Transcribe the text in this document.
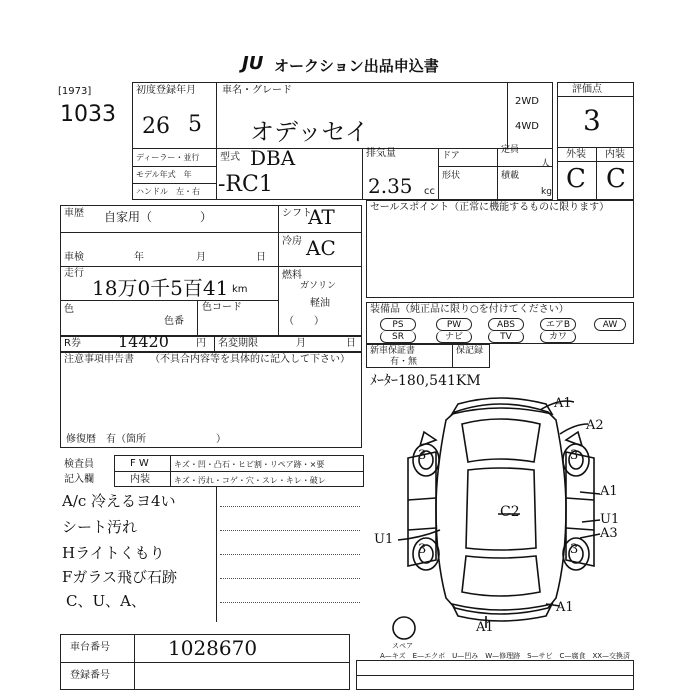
JU オークション出品申込書
[1973]
1033
初度登録年月
26 5
車名・グレード
オデッセイ
2WD
4WD
ディーラー・並行
モデル年式　年
ハンドル　左・右
型式 DBA
-RC1
排気量
2.35 cc
ドア
定員
人
形状	積載
kg
評価点
3
外装 内装
C C
車歴 自家用（　　　　）	シフト
AT
冷房 AC
車検	年	月	日
走行
18万0千5百41 km
燃料
ガソリン
軽油
（　　）
色
色番
色コード
R券 14420	円 名変期限	月	日
注意事項申告書 （不具合内容等を具体的に記入して下さい）
修復暦　有（箇所　　　　　　　）
検査員
記入欄
F W
内装
キズ・凹・凸石・ヒビ割・リペア跡・×要
キズ・汚れ・コゲ・穴・スレ・キレ・破レ
A/c 冷えるヨ4い
シート汚れ
Hライトくもり
Fガラス飛び石跡
C、U、A、
セールスポイント（正常に機能するものに限ります）
装備品（純正品に限り○を付けてください）
PS	PW	ABS	エアB	AW
SR	ナビ	TV	カワ
新車保証書
有・無
保記録
ﾒｰﾀｰ180,541KM
3	3
3	3
A1
A2
A1
U1
A3
U1
C2
A1
A1
スペア
A—キズ　E—エクボ　U—凹み　W—修理跡　S—サビ　C—腐食　XX—交換済
車台番号	1028670
登録番号
